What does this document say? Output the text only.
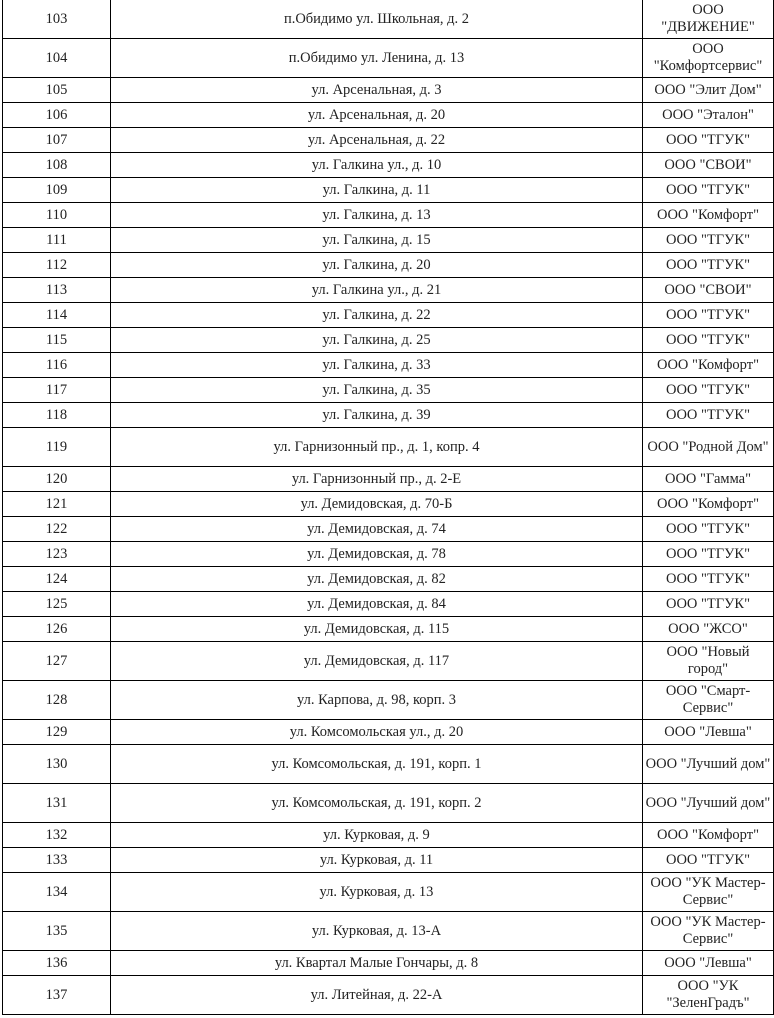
103	п.Обидимо ул. Школьная, д. 2	ООО "ДВИЖЕНИЕ"
104	п.Обидимо ул. Ленина, д. 13	ООО "Комфортсервис"
105	ул. Арсенальная, д. 3	ООО "Элит Дом"
106	ул. Арсенальная, д. 20	ООО "Эталон"
107	ул. Арсенальная, д. 22	ООО "ТГУК"
108	ул. Галкина ул., д. 10	ООО "СВОИ"
109	ул. Галкина, д. 11	ООО "ТГУК"
110	ул. Галкина, д. 13	ООО "Комфорт"
111	ул. Галкина, д. 15	ООО "ТГУК"
112	ул. Галкина, д. 20	ООО "ТГУК"
113	ул. Галкина ул., д. 21	ООО "СВОИ"
114	ул. Галкина, д. 22	ООО "ТГУК"
115	ул. Галкина, д. 25	ООО "ТГУК"
116	ул. Галкина, д. 33	ООО "Комфорт"
117	ул. Галкина, д. 35	ООО "ТГУК"
118	ул. Галкина, д. 39	ООО "ТГУК"
119	ул. Гарнизонный пр., д. 1, копр. 4	ООО "Родной Дом"
120	ул. Гарнизонный пр., д. 2-Е	ООО "Гамма"
121	ул. Демидовская, д. 70-Б	ООО "Комфорт"
122	ул. Демидовская, д. 74	ООО "ТГУК"
123	ул. Демидовская, д. 78	ООО "ТГУК"
124	ул. Демидовская, д. 82	ООО "ТГУК"
125	ул. Демидовская, д. 84	ООО "ТГУК"
126	ул. Демидовская, д. 115	ООО "ЖСО"
127	ул. Демидовская, д. 117	ООО "Новый город"
128	ул. Карпова, д. 98, корп. 3	ООО "Смарт-Сервис"
129	ул. Комсомольская ул., д. 20	ООО "Левша"
130	ул. Комсомольская, д. 191, корп. 1	ООО "Лучший дом"
131	ул. Комсомольская, д. 191, корп. 2	ООО "Лучший дом"
132	ул. Курковая, д. 9	ООО "Комфорт"
133	ул. Курковая, д. 11	ООО "ТГУК"
134	ул. Курковая, д. 13	ООО "УК Мастер-Сервис"
135	ул. Курковая, д. 13-А	ООО "УК Мастер-Сервис"
136	ул. Квартал Малые Гончары, д. 8	ООО "Левша"
137	ул. Литейная, д. 22-А	ООО "УК "ЗеленГрадъ"
